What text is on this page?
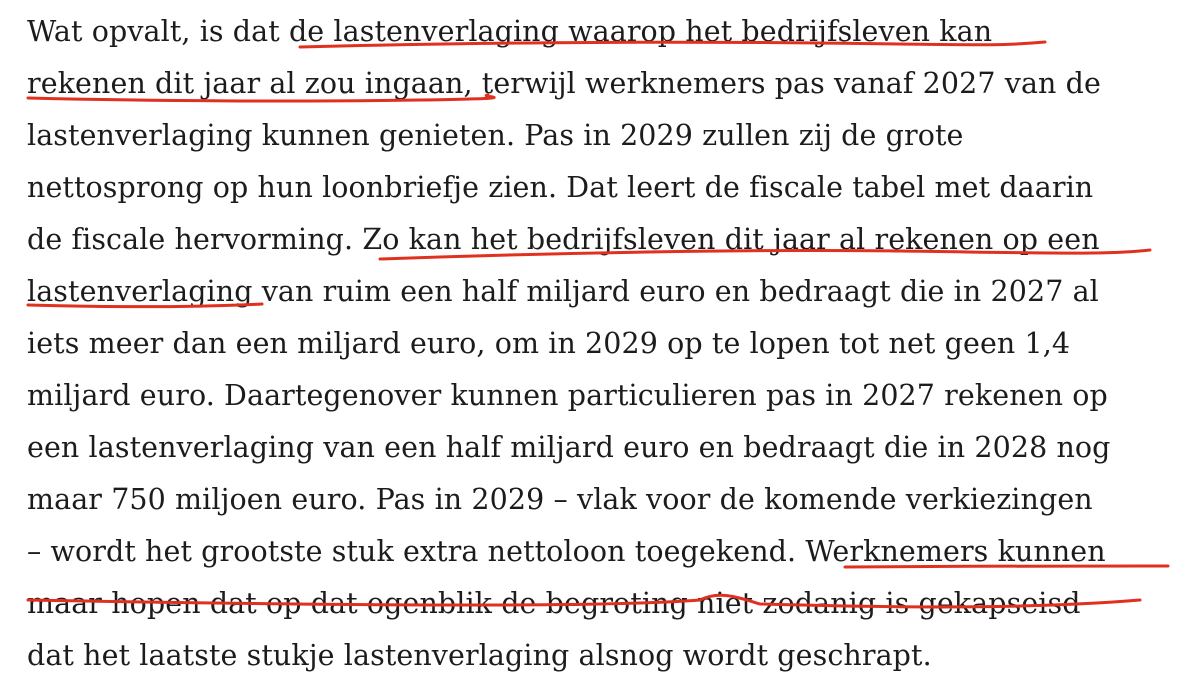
Wat opvalt, is dat de lastenverlaging waarop het bedrijfsleven kan
rekenen dit jaar al zou ingaan, terwijl werknemers pas vanaf 2027 van de
lastenverlaging kunnen genieten. Pas in 2029 zullen zij de grote
nettosprong op hun loonbriefje zien. Dat leert de fiscale tabel met daarin
de fiscale hervorming. Zo kan het bedrijfsleven dit jaar al rekenen op een
lastenverlaging van ruim een half miljard euro en bedraagt die in 2027 al
iets meer dan een miljard euro, om in 2029 op te lopen tot net geen 1,4
miljard euro. Daartegenover kunnen particulieren pas in 2027 rekenen op
een lastenverlaging van een half miljard euro en bedraagt die in 2028 nog
maar 750 miljoen euro. Pas in 2029 – vlak voor de komende verkiezingen
– wordt het grootste stuk extra nettoloon toegekend. Werknemers kunnen
maar hopen dat op dat ogenblik de begroting niet zodanig is gekapseisd
dat het laatste stukje lastenverlaging alsnog wordt geschrapt.
